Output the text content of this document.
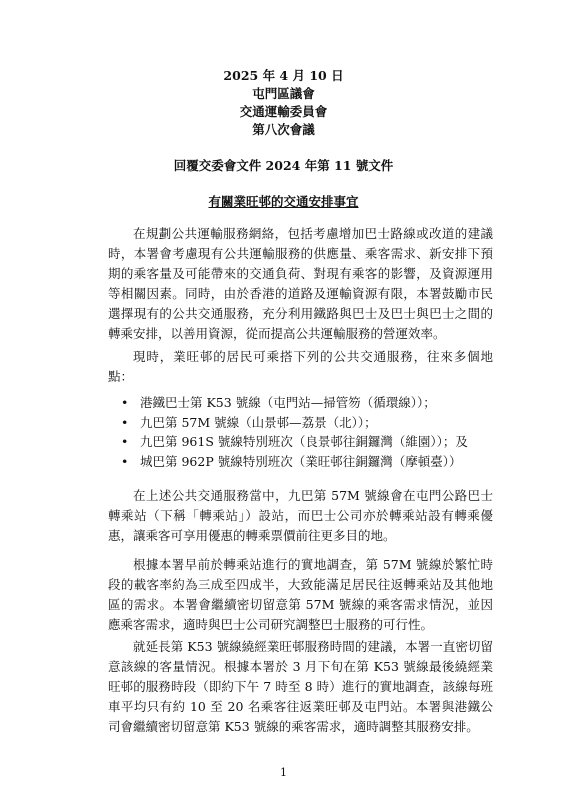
2025 年 4 月 10 日
屯門區議會
交通運輸委員會
第八次會議
回覆交委會文件 2024 年第 11 號文件
有關業旺邨的交通安排事宜

在規劃公共運輸服務網絡，包括考慮增加巴士路線或改道的建議時，本署會考慮現有公共運輸服務的供應量、乘客需求、新安排下預期的乘客量及可能帶來的交通負荷、對現有乘客的影響，及資源運用等相關因素。同時，由於香港的道路及運輸資源有限，本署鼓勵市民選擇現有的公共交通服務，充分利用鐵路與巴士及巴士與巴士之間的轉乘安排，以善用資源，從而提高公共運輸服務的營運效率。

現時，業旺邨的居民可乘搭下列的公共交通服務，往來多個地點：

• 港鐵巴士第 K53 號線（屯門站—掃管笏（循環線））；
• 九巴第 57M 號線（山景邨—荔景（北））；
• 九巴第 961S 號線特別班次（良景邨往銅鑼灣（維園））；及
• 城巴第 962P 號線特別班次（業旺邨往銅鑼灣（摩頓臺））

在上述公共交通服務當中，九巴第 57M 號線會在屯門公路巴士轉乘站（下稱「轉乘站」）設站，而巴士公司亦於轉乘站設有轉乘優惠，讓乘客可享用優惠的轉乘票價前往更多目的地。

根據本署早前於轉乘站進行的實地調查，第 57M 號線於繁忙時段的載客率約為三成至四成半，大致能滿足居民往返轉乘站及其他地區的需求。本署會繼續密切留意第 57M 號線的乘客需求情況，並因應乘客需求，適時與巴士公司研究調整巴士服務的可行性。

就延長第 K53 號線繞經業旺邨服務時間的建議，本署一直密切留意該線的客量情況。根據本署於 3 月下旬在第 K53 號線最後繞經業旺邨的服務時段（即約下午 7 時至 8 時）進行的實地調查，該線每班車平均只有約 10 至 20 名乘客往返業旺邨及屯門站。本署與港鐵公司會繼續密切留意第 K53 號線的乘客需求，適時調整其服務安排。

1
